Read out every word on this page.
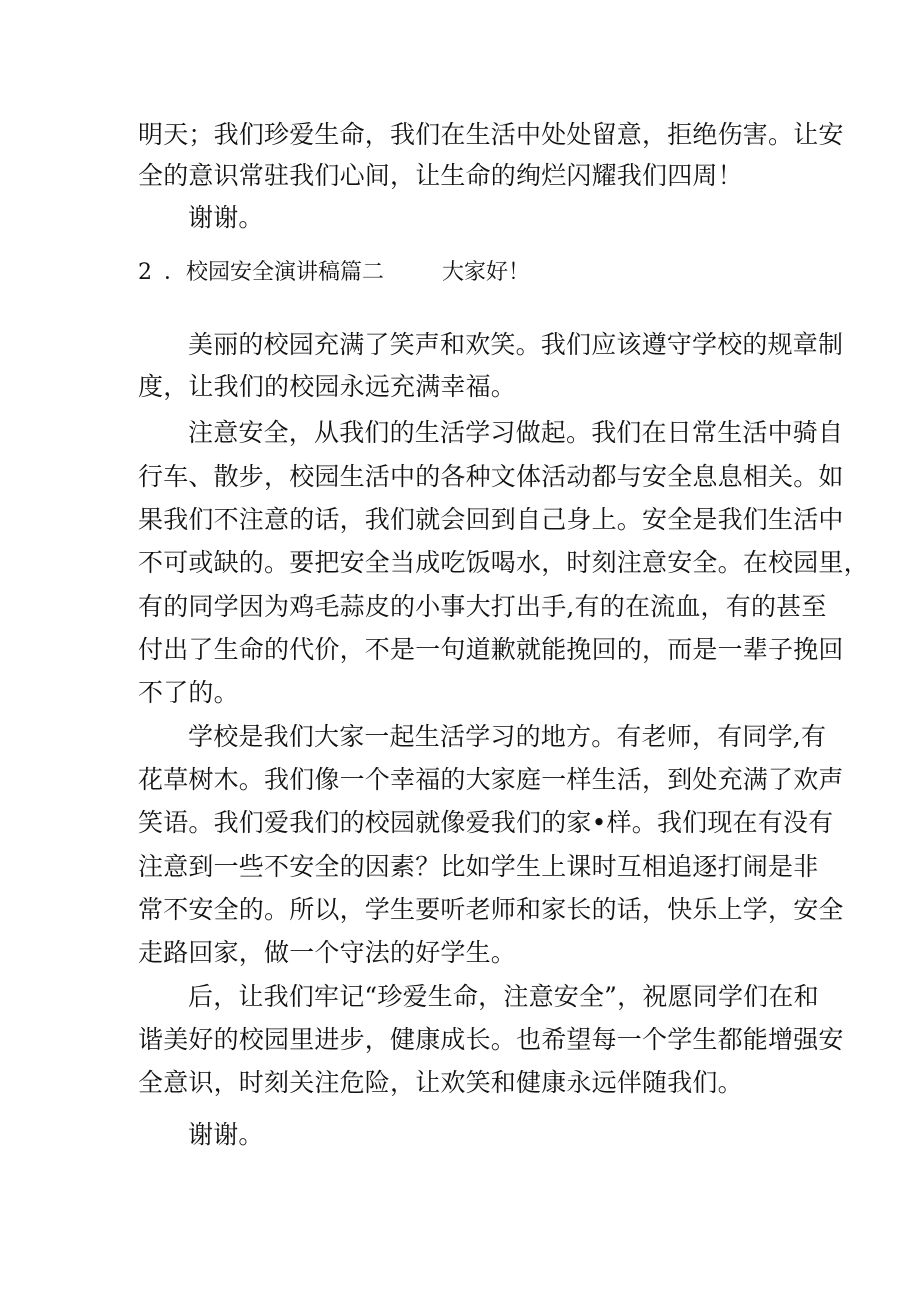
明天；我们珍爱生命，我们在生活中处处留意，拒绝伤害。让安
全的意识常驻我们心间，让生命的绚烂闪耀我们四周！
谢谢。
2 ．校园安全演讲稿篇二	大家好！
美丽的校园充满了笑声和欢笑。我们应该遵守学校的规章制
度，让我们的校园永远充满幸福。
注意安全，从我们的生活学习做起。我们在日常生活中骑自
行车、散步，校园生活中的各种文体活动都与安全息息相关。如
果我们不注意的话，我们就会回到自己身上。安全是我们生活中
不可或缺的。要把安全当成吃饭喝水，时刻注意安全。在校园里，
有的同学因为鸡毛蒜皮的小事大打出手,有的在流血，有的甚至
付出了生命的代价，不是一句道歉就能挽回的，而是一辈子挽回
不了的。
学校是我们大家一起生活学习的地方。有老师，有同学,有
花草树木。我们像一个幸福的大家庭一样生活，到处充满了欢声
笑语。我们爱我们的校园就像爱我们的家•样。我们现在有没有
注意到一些不安全的因素？比如学生上课时互相追逐打闹是非
常不安全的。所以，学生要听老师和家长的话，快乐上学，安全
走路回家，做一个守法的好学生。
后，让我们牢记“珍爱生命，注意安全”，祝愿同学们在和
谐美好的校园里进步，健康成长。也希望每一个学生都能增强安
全意识，时刻关注危险，让欢笑和健康永远伴随我们。
谢谢。
